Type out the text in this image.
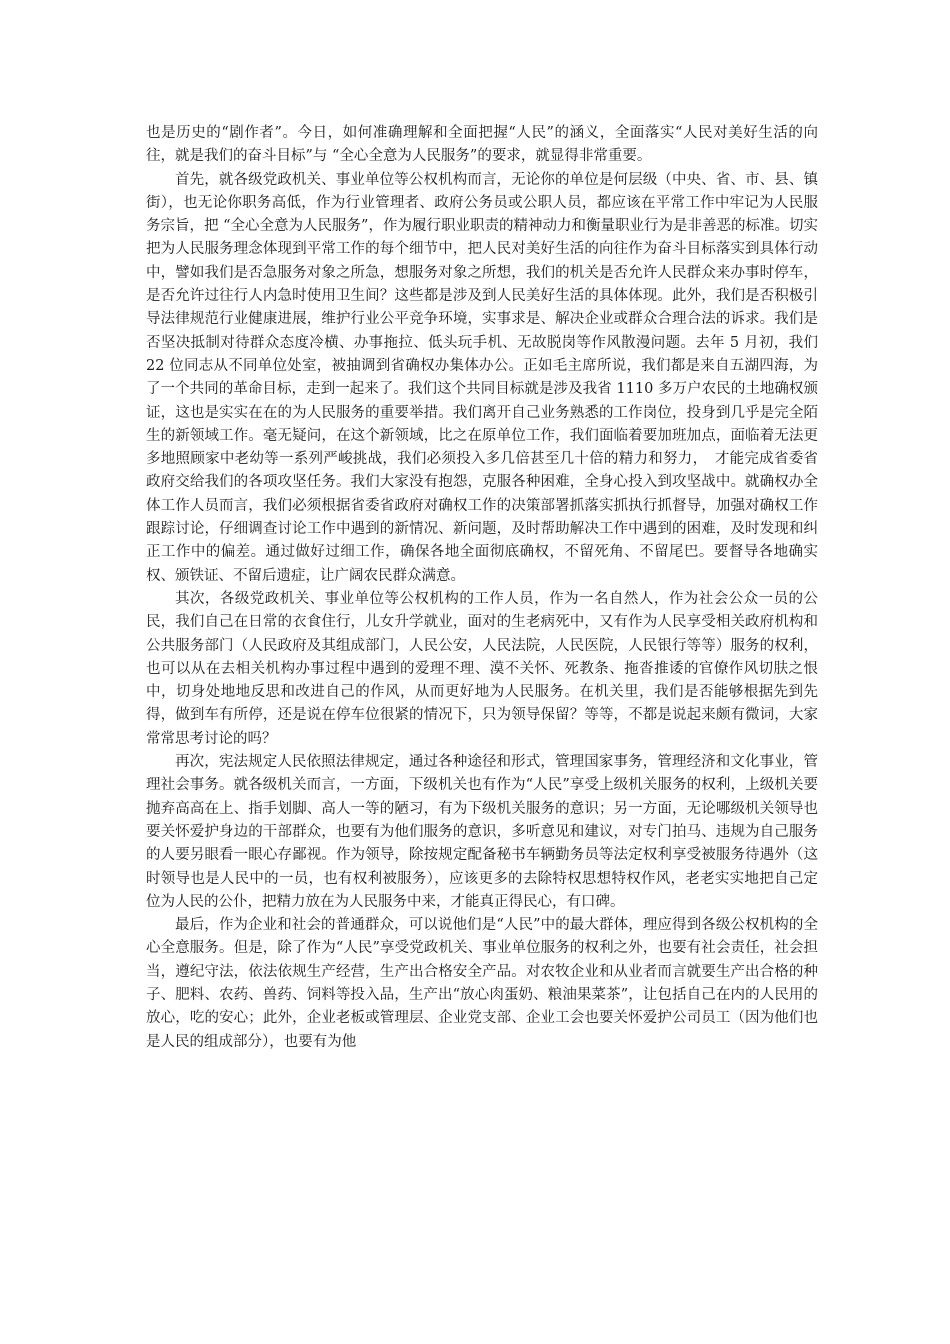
也是历史的“剧作者”。今日，如何准确理解和全面把握“人民”的涵义，全面落实“人民对美好生活的向往，就是我们的奋斗目标”与 “全心全意为人民服务”的要求，就显得非常重要。

首先，就各级党政机关、事业单位等公权机构而言，无论你的单位是何层级（中央、省、市、县、镇街），也无论你职务高低，作为行业管理者、政府公务员或公职人员，都应该在平常工作中牢记为人民服务宗旨，把 “全心全意为人民服务”，作为履行职业职责的精神动力和衡量职业行为是非善恶的标准。切实把为人民服务理念体现到平常工作的每个细节中，把人民对美好生活的向往作为奋斗目标落实到具体行动中，譬如我们是否急服务对象之所急，想服务对象之所想，我们的机关是否允许人民群众来办事时停车，是否允许过往行人内急时使用卫生间？这些都是涉及到人民美好生活的具体体现。此外，我们是否积极引导法律规范行业健康进展，维护行业公平竞争环境，实事求是、解决企业或群众合理合法的诉求。我们是否坚决抵制对待群众态度冷横、办事拖拉、低头玩手机、无故脱岗等作风散漫问题。去年 5 月初，我们 22 位同志从不同单位处室，被抽调到省确权办集体办公。正如毛主席所说，我们都是来自五湖四海，为了一个共同的革命目标，走到一起来了。我们这个共同目标就是涉及我省 1110 多万户农民的土地确权颁证，这也是实实在在的为人民服务的重要举措。我们离开自己业务熟悉的工作岗位，投身到几乎是完全陌生的新领域工作。毫无疑问，在这个新领域，比之在原单位工作，我们面临着要加班加点，面临着无法更多地照顾家中老幼等一系列严峻挑战，我们必须投入多几倍甚至几十倍的精力和努力，　才能完成省委省政府交给我们的各项攻坚任务。我们大家没有抱怨，克服各种困难，全身心投入到攻坚战中。就确权办全体工作人员而言，我们必须根据省委省政府对确权工作的决策部署抓落实抓执行抓督导，加强对确权工作跟踪讨论，仔细调查讨论工作中遇到的新情况、新问题，及时帮助解决工作中遇到的困难，及时发现和纠正工作中的偏差。通过做好过细工作，确保各地全面彻底确权，不留死角、不留尾巴。要督导各地确实权、颁铁证、不留后遗症，让广阔农民群众满意。

其次，各级党政机关、事业单位等公权机构的工作人员，作为一名自然人，作为社会公众一员的公民，我们自己在日常的衣食住行，儿女升学就业，面对的生老病死中，又有作为人民享受相关政府机构和公共服务部门（人民政府及其组成部门，人民公安，人民法院，人民医院，人民银行等等）服务的权利，也可以从在去相关机构办事过程中遇到的爱理不理、漠不关怀、死教条、拖沓推诿的官僚作风切肤之恨中，切身处地地反思和改进自己的作风，从而更好地为人民服务。在机关里，我们是否能够根据先到先得，做到车有所停，还是说在停车位很紧的情况下，只为领导保留？等等，不都是说起来颇有微词，大家常常思考讨论的吗？

再次，宪法规定人民依照法律规定，通过各种途径和形式，管理国家事务，管理经济和文化事业，管理社会事务。就各级机关而言，一方面，下级机关也有作为“人民”享受上级机关服务的权利，上级机关要抛弃高高在上、指手划脚、高人一等的陋习，有为下级机关服务的意识；另一方面，无论哪级机关领导也要关怀爱护身边的干部群众，也要有为他们服务的意识，多听意见和建议，对专门拍马、违规为自己服务的人要另眼看一眼心存鄙视。作为领导，除按规定配备秘书车辆勤务员等法定权利享受被服务待遇外（这时领导也是人民中的一员，也有权利被服务），应该更多的去除特权思想特权作风，老老实实地把自己定位为人民的公仆，把精力放在为人民服务中来，才能真正得民心，有口碑。

最后，作为企业和社会的普通群众，可以说他们是“人民”中的最大群体，理应得到各级公权机构的全心全意服务。但是，除了作为“人民”享受党政机关、事业单位服务的权利之外，也要有社会责任，社会担当，遵纪守法，依法依规生产经营，生产出合格安全产品。对农牧企业和从业者而言就要生产出合格的种子、肥料、农药、兽药、饲料等投入品，生产出“放心肉蛋奶、粮油果菜茶”，让包括自己在内的人民用的放心，吃的安心；此外，企业老板或管理层、企业党支部、企业工会也要关怀爱护公司员工（因为他们也是人民的组成部分），也要有为他
